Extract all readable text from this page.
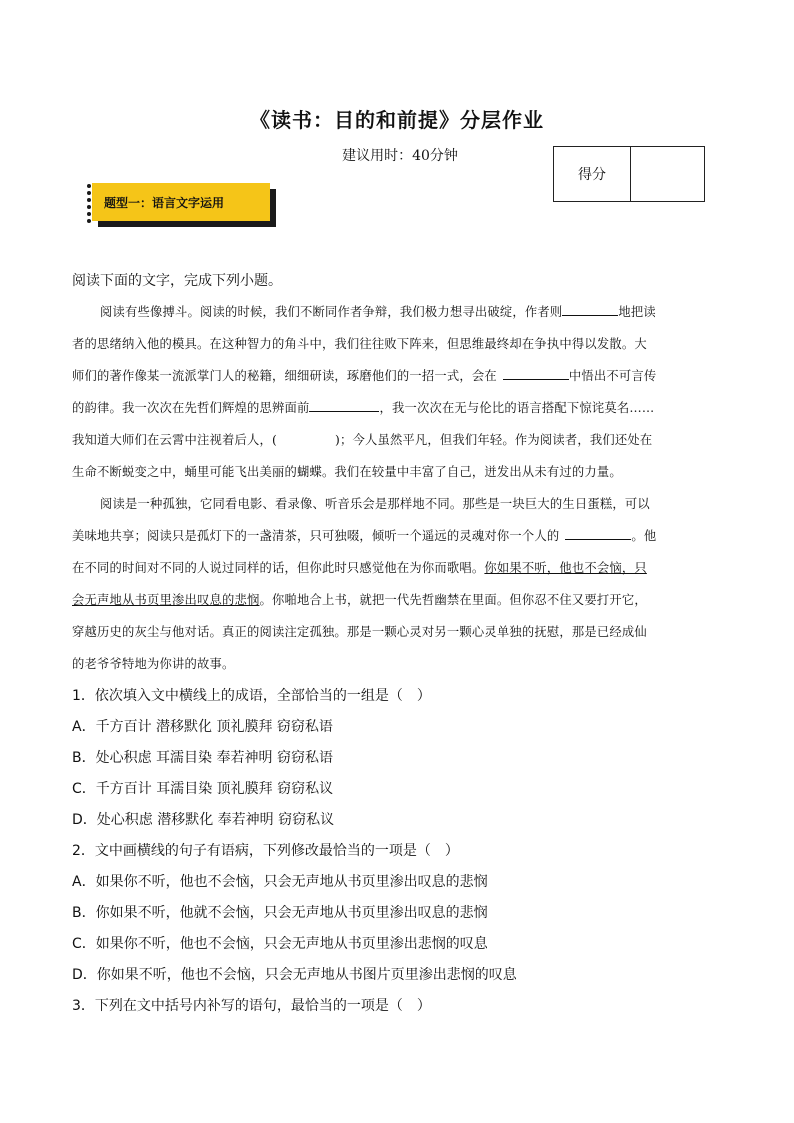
《读书：目的和前提》分层作业
建议用时：40分钟
得分
题型一：语言文字运用
阅读下面的文字，完成下列小题。
阅读有些像搏斗。阅读的时候，我们不断同作者争辩，我们极力想寻出破绽，作者则	地把读
者的思绪纳入他的模具。在这种智力的角斗中，我们往往败下阵来，但思维最终却在争执中得以发散。大
师们的著作像某一流派掌门人的秘籍，细细研读，琢磨他们的一招一式，会在	中悟出不可言传
的韵律。我一次次在先哲们辉煌的思辨面前	，我一次次在无与伦比的语言搭配下惊诧莫名……
我知道大师们在云霄中注视着后人，(	)；今人虽然平凡，但我们年轻。作为阅读者，我们还处在
生命不断蜕变之中，蛹里可能飞出美丽的蝴蝶。我们在较量中丰富了自己，迸发出从未有过的力量。
阅读是一种孤独，它同看电影、看录像、听音乐会是那样地不同。那些是一块巨大的生日蛋糕，可以
美味地共享；阅读只是孤灯下的一盏清茶，只可独啜，倾听一个遥远的灵魂对你一个人的	。他
在不同的时间对不同的人说过同样的话，但你此时只感觉他在为你而歌唱。你如果不听，他也不会恼，只
会无声地从书页里渗出叹息的悲悯。你啪地合上书，就把一代先哲幽禁在里面。但你忍不住又要打开它，
穿越历史的灰尘与他对话。真正的阅读注定孤独。那是一颗心灵对另一颗心灵单独的抚慰，那是已经成仙
的老爷爷特地为你讲的故事。
1．依次填入文中横线上的成语，全部恰当的一组是（　）
A．千方百计 潜移默化 顶礼膜拜 窃窃私语
B．处心积虑 耳濡目染 奉若神明 窃窃私语
C．千方百计 耳濡目染 顶礼膜拜 窃窃私议
D．处心积虑 潜移默化 奉若神明 窃窃私议
2．文中画横线的句子有语病，下列修改最恰当的一项是（　）
A．如果你不听，他也不会恼，只会无声地从书页里渗出叹息的悲悯
B．你如果不听，他就不会恼，只会无声地从书页里渗出叹息的悲悯
C．如果你不听，他也不会恼，只会无声地从书页里渗出悲悯的叹息
D．你如果不听，他也不会恼，只会无声地从书图片页里渗出悲悯的叹息
3．下列在文中括号内补写的语句，最恰当的一项是（　）
